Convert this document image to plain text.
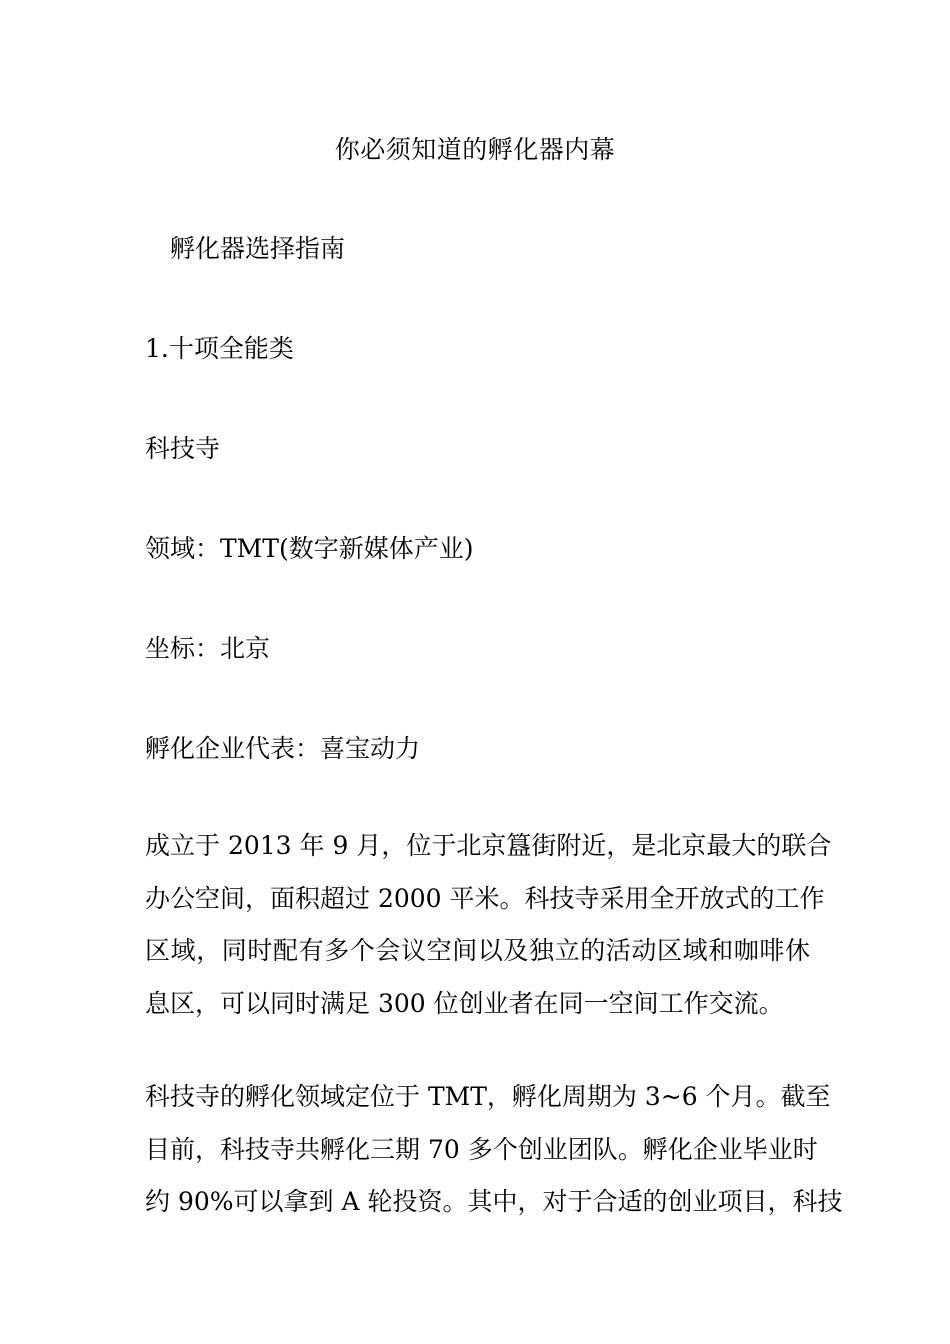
你必须知道的孵化器内幕
孵化器选择指南
1.十项全能类
科技寺
领域：TMT(数字新媒体产业)
坐标：北京
孵化企业代表：喜宝动力
成立于 2013 年 9 月，位于北京簋街附近，是北京最大的联合
办公空间，面积超过 2000 平米。科技寺采用全开放式的工作
区域，同时配有多个会议空间以及独立的活动区域和咖啡休
息区，可以同时满足 300 位创业者在同一空间工作交流。
科技寺的孵化领域定位于 TMT，孵化周期为 3~6 个月。截至
目前，科技寺共孵化三期 70 多个创业团队。孵化企业毕业时
约 90%可以拿到 A 轮投资。其中，对于合适的创业项目，科技
